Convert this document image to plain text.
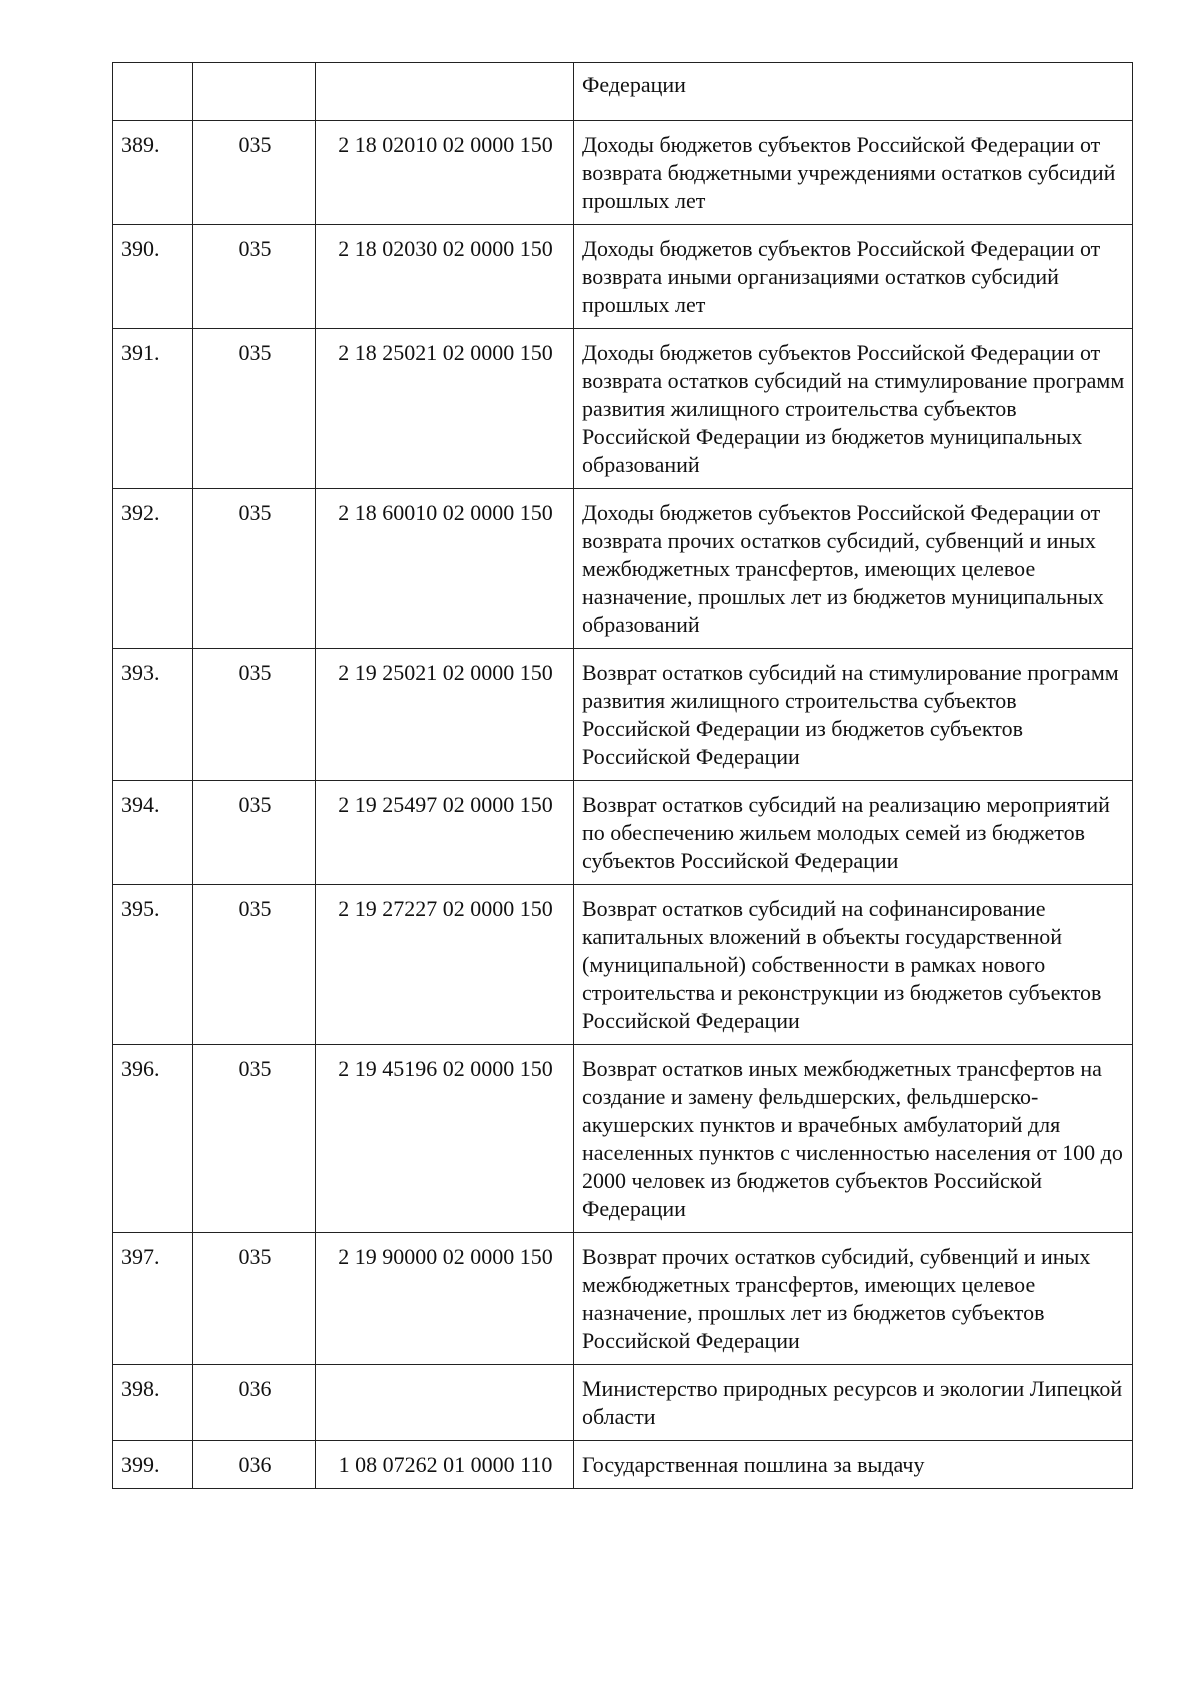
			Федерации
389.	035	2 18 02010 02 0000 150	Доходы бюджетов субъектов Российской Федерации от возврата бюджетными учреждениями остатков субсидий прошлых лет
390.	035	2 18 02030 02 0000 150	Доходы бюджетов субъектов Российской Федерации от возврата иными организациями остатков субсидий прошлых лет
391.	035	2 18 25021 02 0000 150	Доходы бюджетов субъектов Российской Федерации от возврата остатков субсидий на стимулирование программ развития жилищного строительства субъектов Российской Федерации из бюджетов муниципальных образований
392.	035	2 18 60010 02 0000 150	Доходы бюджетов субъектов Российской Федерации от возврата прочих остатков субсидий, субвенций и иных межбюджетных трансфертов, имеющих целевое назначение, прошлых лет из бюджетов муниципальных образований
393.	035	2 19 25021 02 0000 150	Возврат остатков субсидий на стимулирование программ развития жилищного строительства субъектов Российской Федерации из бюджетов субъектов Российской Федерации
394.	035	2 19 25497 02 0000 150	Возврат остатков субсидий на реализацию мероприятий по обеспечению жильем молодых семей из бюджетов субъектов Российской Федерации
395.	035	2 19 27227 02 0000 150	Возврат остатков субсидий на софинансирование капитальных вложений в объекты государственной (муниципальной) собственности в рамках нового строительства и реконструкции из бюджетов субъектов Российской Федерации
396.	035	2 19 45196 02 0000 150	Возврат остатков иных межбюджетных трансфертов на создание и замену фельдшерских, фельдшерско-акушерских пунктов и врачебных амбулаторий для населенных пунктов с численностью населения от 100 до 2000 человек из бюджетов субъектов Российской Федерации
397.	035	2 19 90000 02 0000 150	Возврат прочих остатков субсидий, субвенций и иных межбюджетных трансфертов, имеющих целевое назначение, прошлых лет из бюджетов субъектов Российской Федерации
398.	036		Министерство природных ресурсов и экологии Липецкой области
399.	036	1 08 07262 01 0000 110	Государственная пошлина за выдачу
